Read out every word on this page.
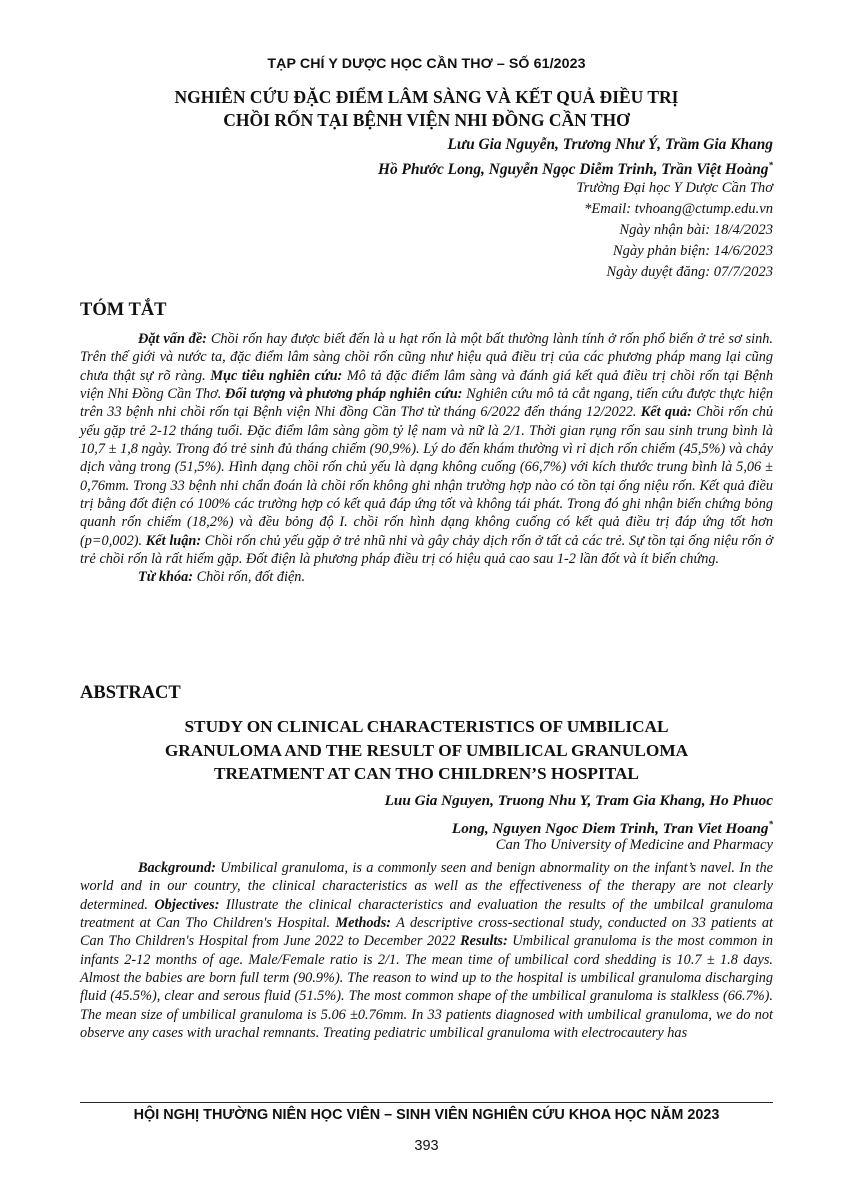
TẠP CHÍ Y DƯỢC HỌC CẦN THƠ – SỐ 61/2023
NGHIÊN CỨU ĐẶC ĐIỂM LÂM SÀNG VÀ KẾT QUẢ ĐIỀU TRỊ
CHỒI RỐN TẠI BỆNH VIỆN NHI ĐỒNG CẦN THƠ
Lưu Gia Nguyễn, Trương Như Ý, Trầm Gia Khang
Hồ Phước Long, Nguyễn Ngọc Diễm Trinh, Trần Việt Hoàng*
Trường Đại học Y Dược Cần Thơ
*Email: tvhoang@ctump.edu.vn
Ngày nhận bài: 18/4/2023
Ngày phản biện: 14/6/2023
Ngày duyệt đăng: 07/7/2023
TÓM TẮT

Đặt vấn đề: Chồi rốn hay được biết đến là u hạt rốn là một bất thường lành tính ở rốn phổ biến ở trẻ sơ sinh. Trên thế giới và nước ta, đặc điểm lâm sàng chồi rốn cũng như hiệu quả điều trị của các phương pháp mang lại cũng chưa thật sự rõ ràng. Mục tiêu nghiên cứu: Mô tả đặc điểm lâm sàng và đánh giá kết quả điều trị chồi rốn tại Bệnh viện Nhi Đồng Cần Thơ. Đối tượng và phương pháp nghiên cứu: Nghiên cứu mô tả cắt ngang, tiến cứu được thực hiện trên 33 bệnh nhi chồi rốn tại Bệnh viện Nhi đồng Cần Thơ từ tháng 6/2022 đến tháng 12/2022. Kết quả: Chồi rốn chủ yếu gặp trẻ 2-12 tháng tuổi. Đặc điểm lâm sàng gồm tỷ lệ nam và nữ là 2/1. Thời gian rụng rốn sau sinh trung bình là 10,7 ± 1,8 ngày. Trong đó trẻ sinh đủ tháng chiếm (90,9%). Lý do đến khám thường vì rỉ dịch rốn chiếm (45,5%) và chảy dịch vàng trong (51,5%). Hình dạng chồi rốn chủ yếu là dạng không cuống (66,7%) với kích thước trung bình là 5,06 ± 0,76mm. Trong 33 bệnh nhi chẩn đoán là chồi rốn không ghi nhận trường hợp nào có tồn tại ống niệu rốn. Kết quả điều trị bằng đốt điện có 100% các trường hợp có kết quả đáp ứng tốt và không tái phát. Trong đó ghi nhận biến chứng bỏng quanh rốn chiếm (18,2%) và đều bỏng độ I. chồi rốn hình dạng không cuống có kết quả điều trị đáp ứng tốt hơn (p=0,002). Kết luận: Chồi rốn chủ yếu gặp ở trẻ nhũ nhi và gây chảy dịch rốn ở tất cả các trẻ. Sự tồn tại ống niệu rốn ở trẻ chồi rốn là rất hiếm gặp. Đốt điện là phương pháp điều trị có hiệu quả cao sau 1-2 lần đốt và ít biến chứng.

Từ khóa: Chồi rốn, đốt điện.

ABSTRACT
STUDY ON CLINICAL CHARACTERISTICS OF UMBILICAL
GRANULOMA AND THE RESULT OF UMBILICAL GRANULOMA
TREATMENT AT CAN THO CHILDREN’S HOSPITAL
Luu Gia Nguyen, Truong Nhu Y, Tram Gia Khang, Ho Phuoc
Long, Nguyen Ngoc Diem Trinh, Tran Viet Hoang*
Can Tho University of Medicine and Pharmacy

Background: Umbilical granuloma, is a commonly seen and benign abnormality on the infant’s navel. In the world and in our country, the clinical characteristics as well as the effectiveness of the therapy are not clearly determined. Objectives: Illustrate the clinical characteristics and evaluation the results of the umbilcal granuloma treatment at Can Tho Children's Hospital. Methods: A descriptive cross-sectional study, conducted on 33 patients at Can Tho Children's Hospital from June 2022 to December 2022 Results: Umbilical granuloma is the most common in infants 2-12 months of age. Male/Female ratio is 2/1. The mean time of umbilical cord shedding is 10.7 ± 1.8 days. Almost the babies are born full term (90.9%). The reason to wind up to the hospital is umbilical granuloma discharging fluid (45.5%), clear and serous fluid (51.5%). The most common shape of the umbilical granuloma is stalkless (66.7%). The mean size of umbilical granuloma is 5.06 ±0.76mm. In 33 patients diagnosed with umbilical granuloma, we do not observe any cases with urachal remnants. Treating pediatric umbilical granuloma with electrocautery has

HỘI NGHỊ THƯỜNG NIÊN HỌC VIÊN – SINH VIÊN NGHIÊN CỨU KHOA HỌC NĂM 2023
393
